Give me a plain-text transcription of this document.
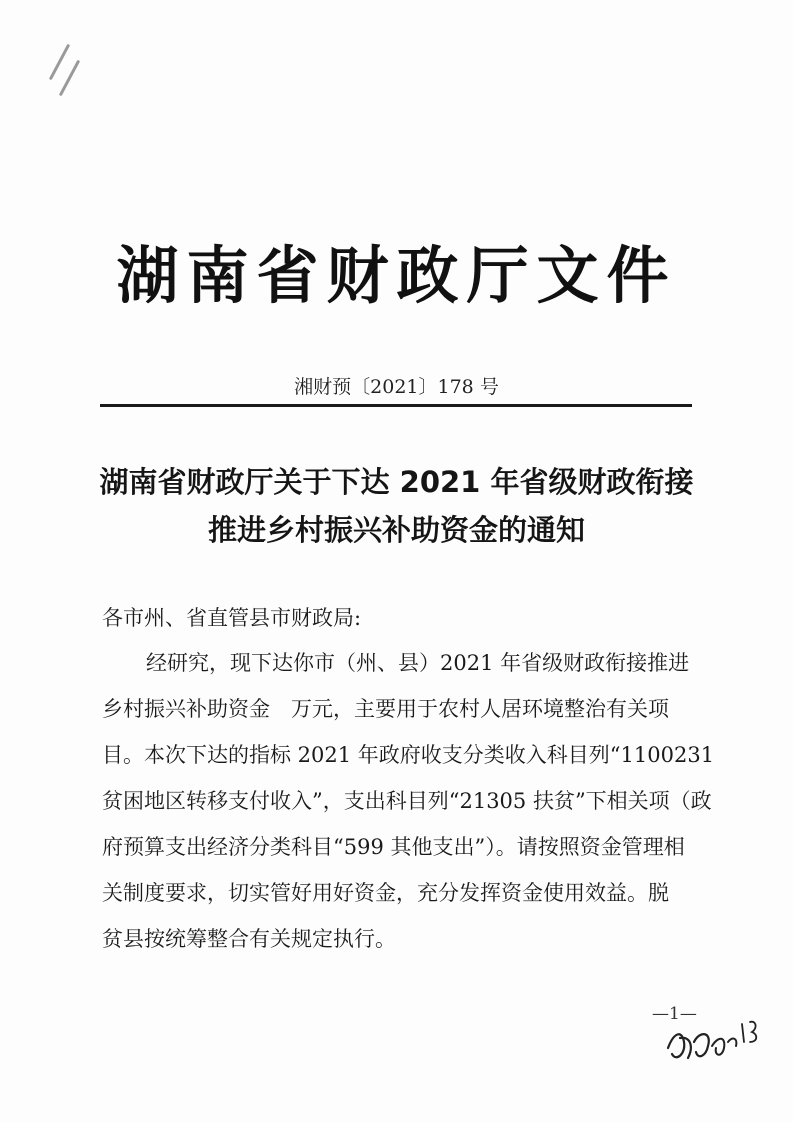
湖南省财政厅文件
湘财预〔2021〕178 号
湖南省财政厅关于下达 2021 年省级财政衔接
推进乡村振兴补助资金的通知
各市州、省直管县市财政局:
经研究，现下达你市（州、县）2021 年省级财政衔接推进
乡村振兴补助资金　万元，主要用于农村人居环境整治有关项
目。本次下达的指标 2021 年政府收支分类收入科目列“1100231
贫困地区转移支付收入”，支出科目列“21305 扶贫”下相关项（政
府预算支出经济分类科目“599 其他支出”）。请按照资金管理相
关制度要求，切实管好用好资金，充分发挥资金使用效益。脱
贫县按统筹整合有关规定执行。
—1—
